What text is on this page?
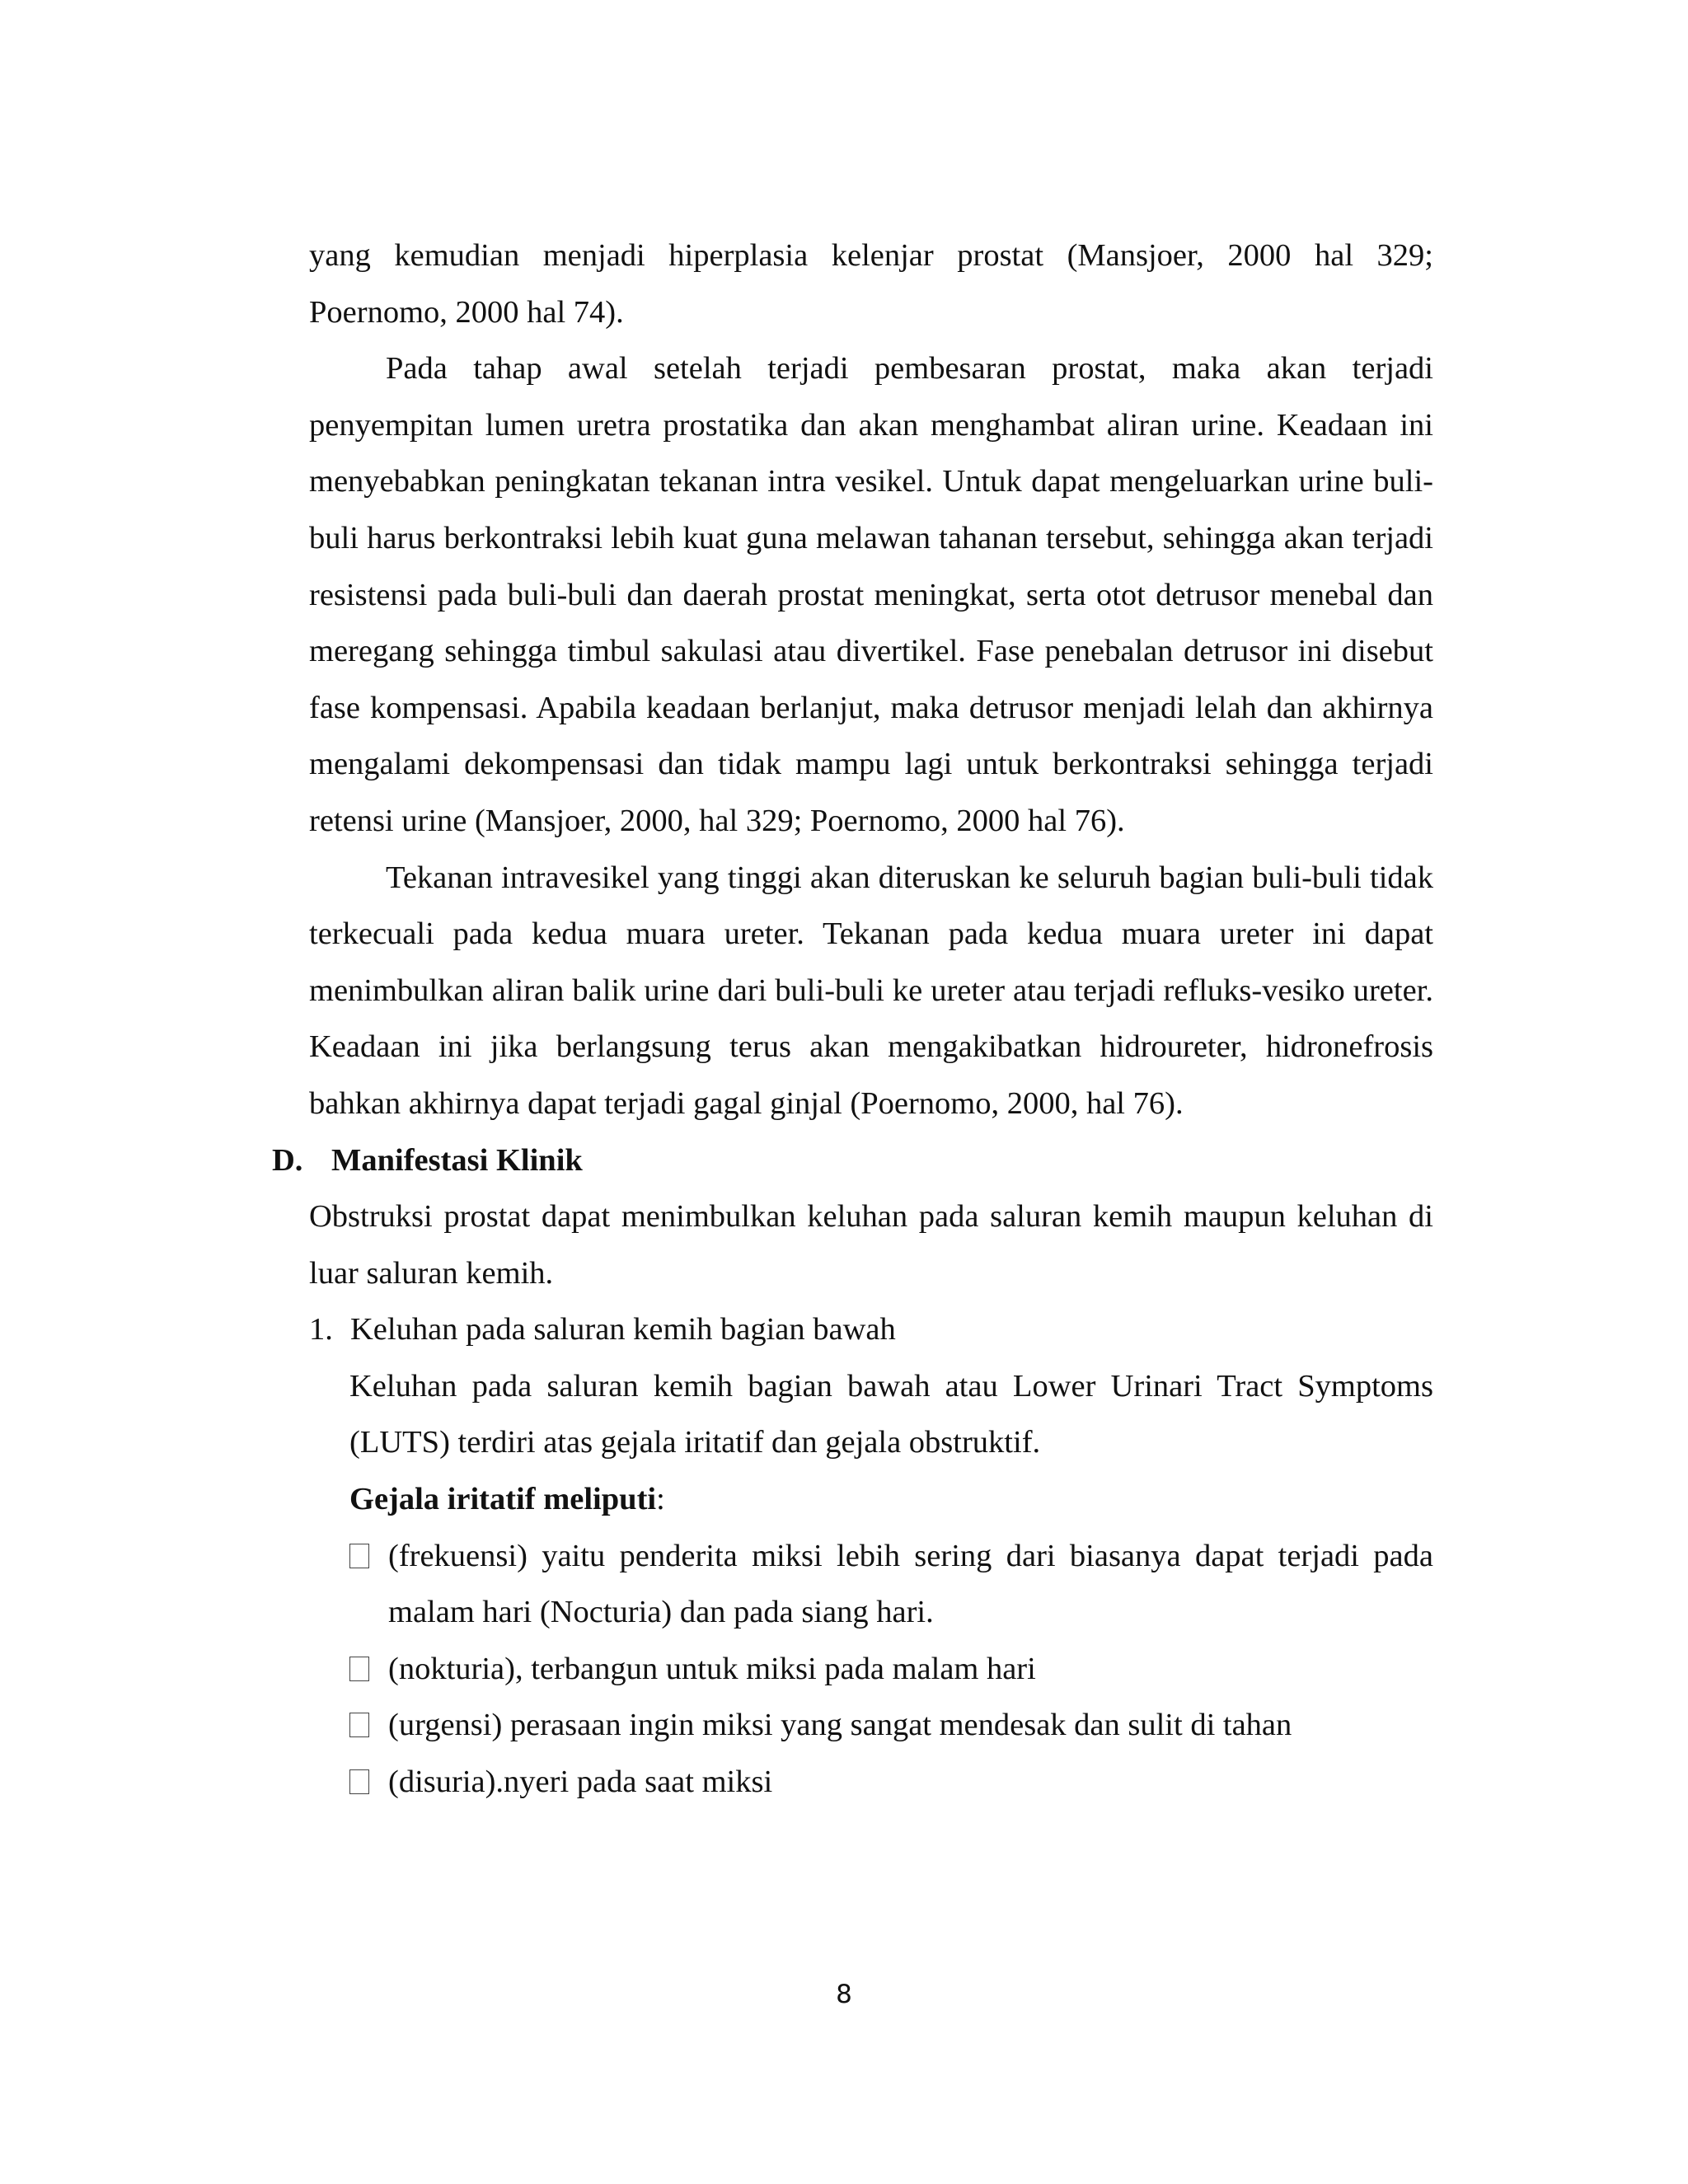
yang kemudian menjadi hiperplasia kelenjar prostat (Mansjoer, 2000 hal 329; Poernomo, 2000 hal 74).

Pada tahap awal setelah terjadi pembesaran prostat, maka akan terjadi penyempitan lumen uretra prostatika dan akan menghambat aliran urine. Keadaan ini menyebabkan peningkatan tekanan intra vesikel. Untuk dapat mengeluarkan urine buli-buli harus berkontraksi lebih kuat guna melawan tahanan tersebut, sehingga akan terjadi resistensi pada buli-buli dan daerah prostat meningkat, serta otot detrusor menebal dan meregang sehingga timbul sakulasi atau divertikel. Fase penebalan detrusor ini disebut fase kompensasi. Apabila keadaan berlanjut, maka detrusor menjadi lelah dan akhirnya mengalami dekompensasi dan tidak mampu lagi untuk berkontraksi sehingga terjadi retensi urine (Mansjoer, 2000, hal 329; Poernomo, 2000 hal 76).

Tekanan intravesikel yang tinggi akan diteruskan ke seluruh bagian buli-buli tidak terkecuali pada kedua muara ureter. Tekanan pada kedua muara ureter ini dapat menimbulkan aliran balik urine dari buli-buli ke ureter atau terjadi refluks-vesiko ureter. Keadaan ini jika berlangsung terus akan mengakibatkan hidroureter, hidronefrosis bahkan akhirnya dapat terjadi gagal ginjal (Poernomo, 2000, hal 76).

D. Manifestasi Klinik

Obstruksi prostat dapat menimbulkan keluhan pada saluran kemih maupun keluhan di luar saluran kemih.

1. Keluhan pada saluran kemih bagian bawah

Keluhan pada saluran kemih bagian bawah atau Lower Urinari Tract Symptoms (LUTS) terdiri atas gejala iritatif dan gejala obstruktif.

Gejala iritatif meliputi:

(frekuensi) yaitu penderita miksi lebih sering dari biasanya dapat terjadi pada malam hari (Nocturia) dan pada siang hari.

(nokturia), terbangun untuk miksi pada malam hari

(urgensi) perasaan ingin miksi yang sangat mendesak dan sulit di tahan

(disuria).nyeri pada saat miksi

8
